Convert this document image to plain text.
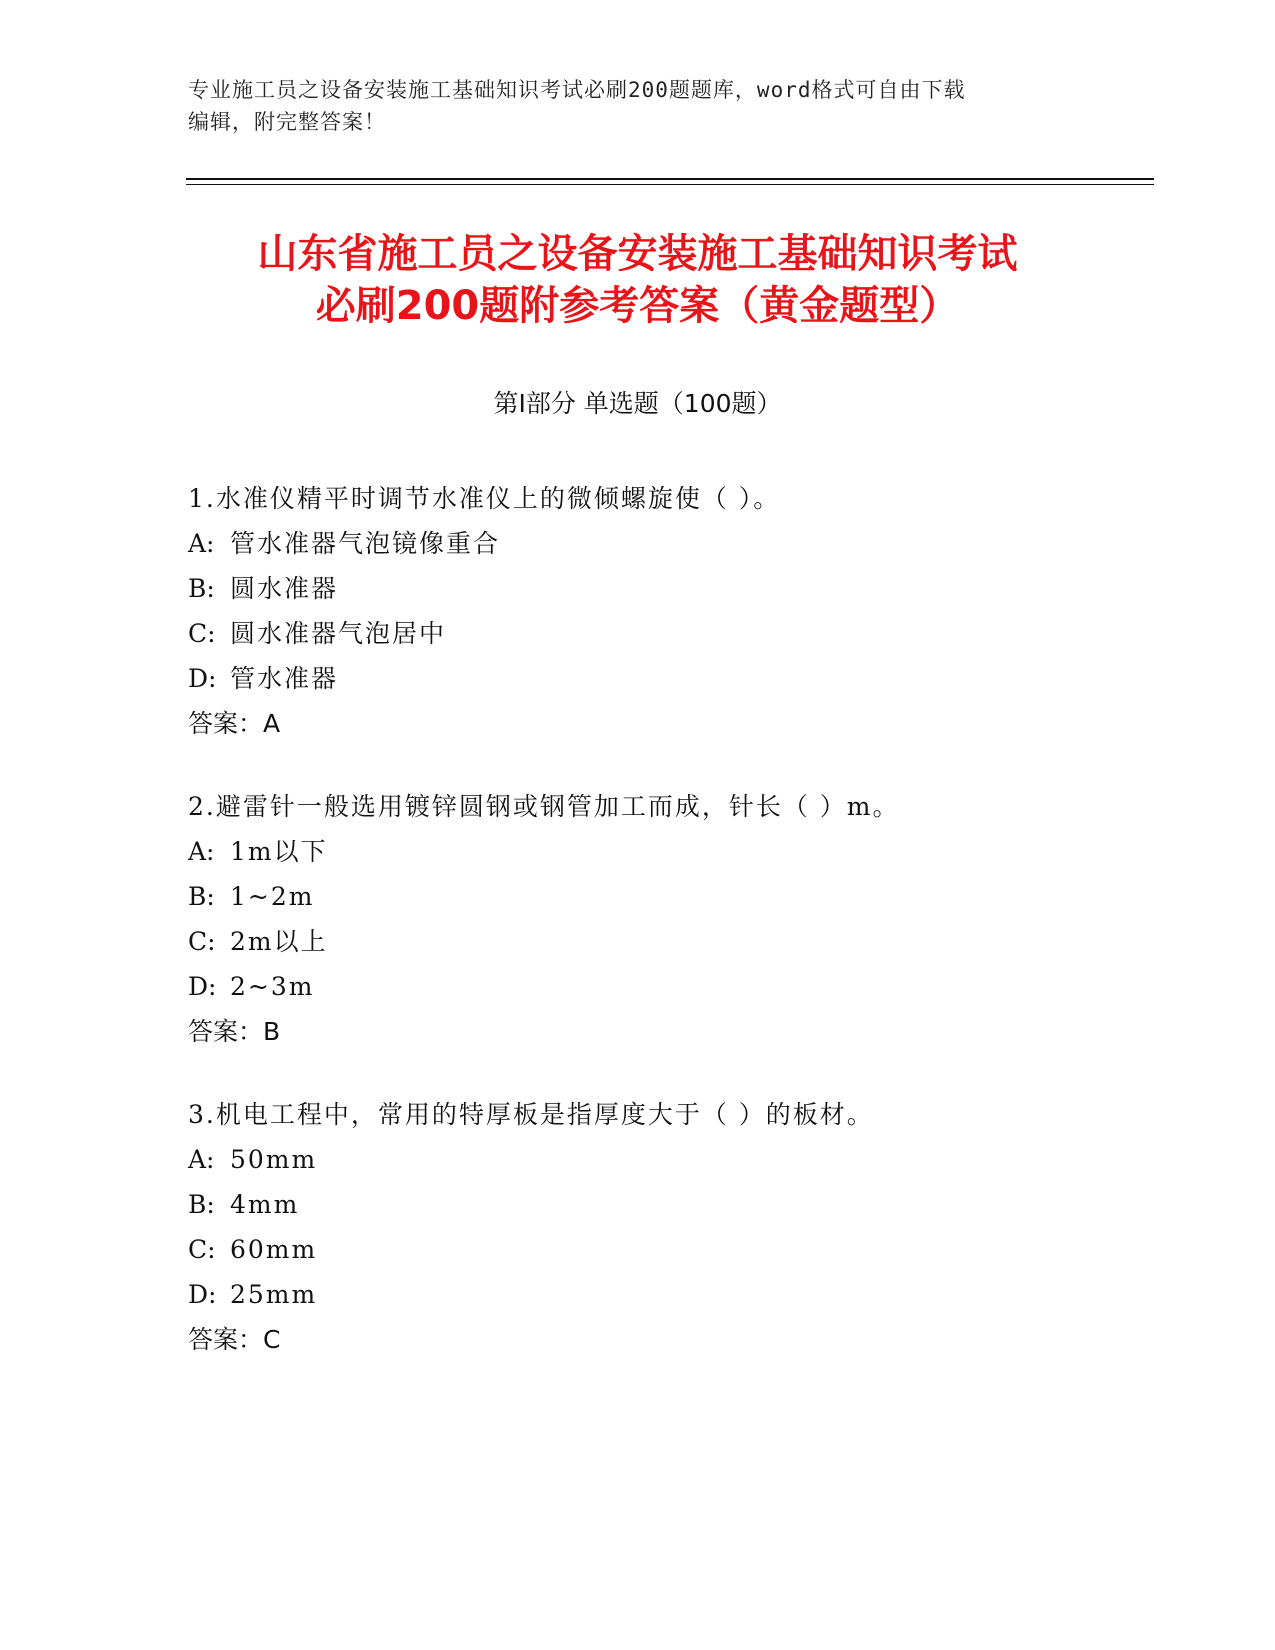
专业施工员之设备安装施工基础知识考试必刷200题题库，word格式可自由下载
编辑，附完整答案！
山东省施工员之设备安装施工基础知识考试
必刷200题附参考答案（黄金题型）
第Ⅰ部分 单选题（100题）
1.水准仪精平时调节水准仪上的微倾螺旋使（ ）。
A: 管水准器气泡镜像重合
B: 圆水准器
C: 圆水准器气泡居中
D: 管水准器
答案：A
2.避雷针一般选用镀锌圆钢或钢管加工而成，针长（ ）m。
A: 1m以下
B: 1~2m
C: 2m以上
D: 2~3m
答案：B
3.机电工程中，常用的特厚板是指厚度大于（ ）的板材。
A: 50mm
B: 4mm
C: 60mm
D: 25mm
答案：C
